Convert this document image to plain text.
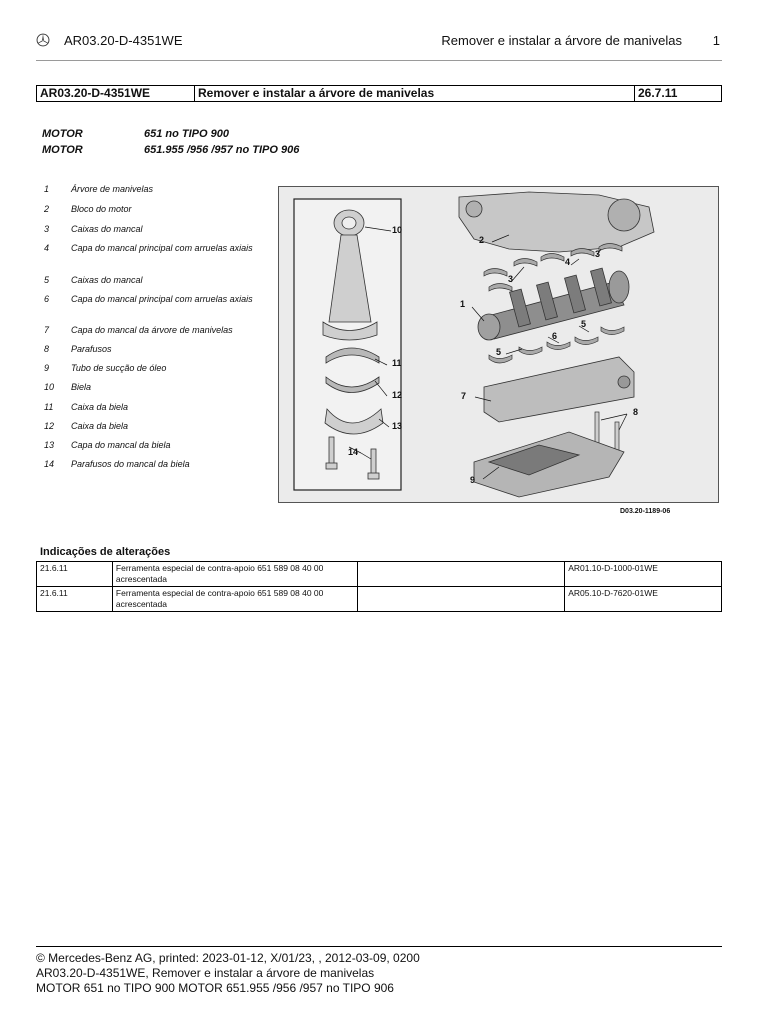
AR03.20-D-4351WE	Remover e instalar a árvore de manivelas 1
AR03.20-D-4351WE	Remover e instalar a árvore de manivelas	26.7.11
MOTOR	651 no TIPO 900
MOTOR	651.955 /956 /957 no TIPO 906
1	Árvore de manivelas
2	Bloco do motor
3	Caixas do mancal
4	Capa do mancal principal com arruelas axiais
5	Caixas do mancal
6	Capa do mancal principal com arruelas axiais
7	Capa do mancal da árvore de manivelas
8	Parafusos
9	Tubo de sucção de óleo
10	Biela
11	Caixa da biela
12	Caixa da biela
13	Capa do mancal da biela
14	Parafusos do mancal da biela
10
11
12
13
14
1
2
3
4
3
5
5
6
7
8
9
D03.20-1189-06
Indicações de alterações
21.6.11	Ferramenta especial de contra-apoio 651 589 08 40 00 acrescentada		AR01.10-D-1000-01WE
21.6.11	Ferramenta especial de contra-apoio 651 589 08 40 00 acrescentada		AR05.10-D-7620-01WE
© Mercedes-Benz AG, printed: 2023-01-12, X/01/23, , 2012-03-09, 0200
AR03.20-D-4351WE, Remover e instalar a árvore de manivelas
MOTOR 651 no TIPO 900 MOTOR 651.955 /956 /957 no TIPO 906
